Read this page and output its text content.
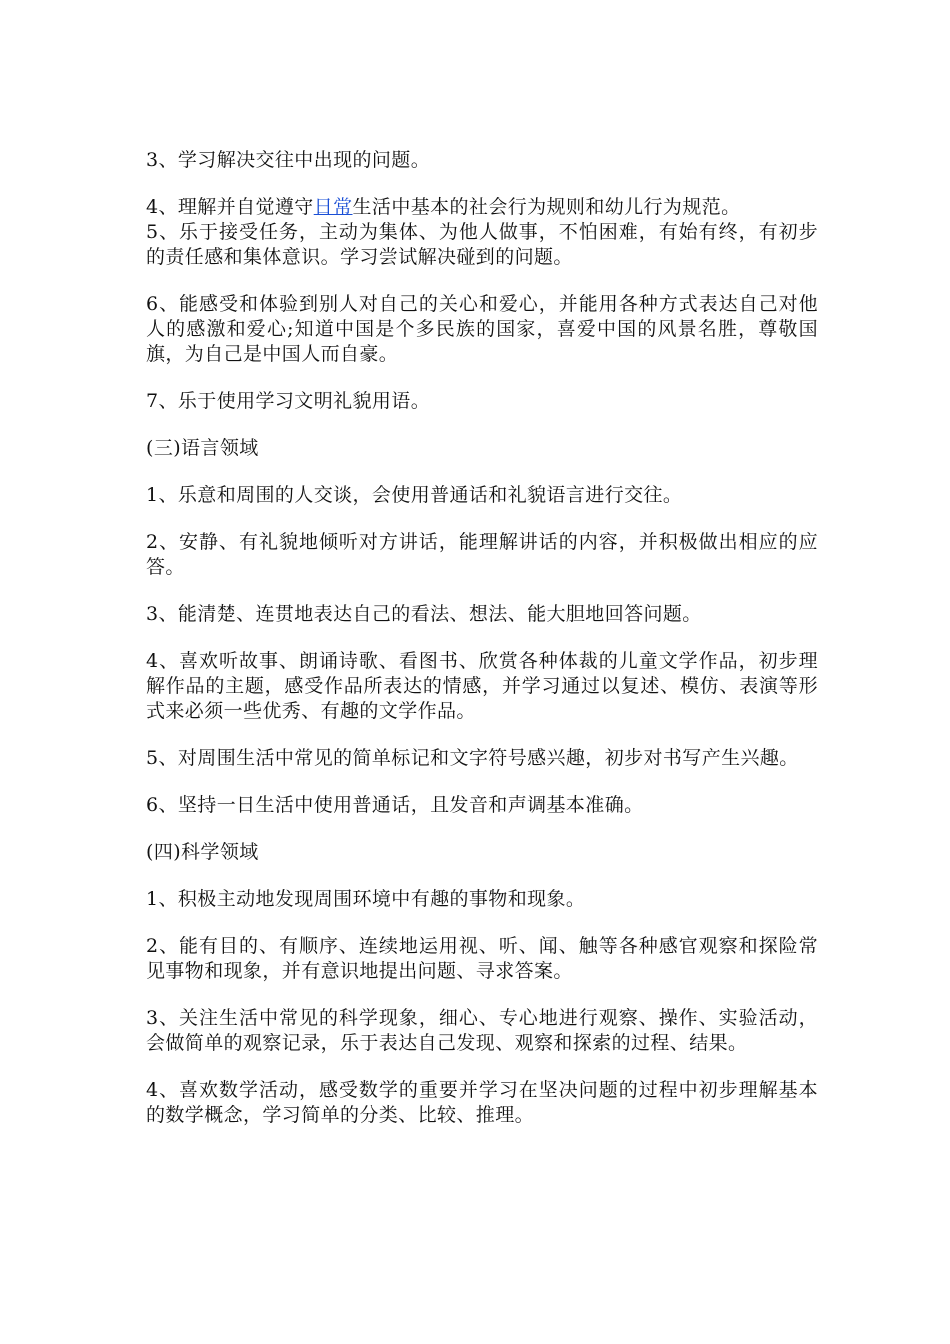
3、学习解决交往中出现的问题。

4、理解并自觉遵守日常生活中基本的社会行为规则和幼儿行为规范。

5、乐于接受任务，主动为集体、为他人做事，不怕困难，有始有终，有初步的责任感和集体意识。学习尝试解决碰到的问题。

6、能感受和体验到别人对自己的关心和爱心，并能用各种方式表达自己对他人的感激和爱心;知道中国是个多民族的国家，喜爱中国的风景名胜，尊敬国旗，为自己是中国人而自豪。

7、乐于使用学习文明礼貌用语。

(三)语言领域

1、乐意和周围的人交谈，会使用普通话和礼貌语言进行交往。

2、安静、有礼貌地倾听对方讲话，能理解讲话的内容，并积极做出相应的应答。

3、能清楚、连贯地表达自己的看法、想法、能大胆地回答问题。

4、喜欢听故事、朗诵诗歌、看图书、欣赏各种体裁的儿童文学作品，初步理解作品的主题，感受作品所表达的情感，并学习通过以复述、模仿、表演等形式来必须一些优秀、有趣的文学作品。

5、对周围生活中常见的简单标记和文字符号感兴趣，初步对书写产生兴趣。

6、坚持一日生活中使用普通话，且发音和声调基本准确。

(四)科学领域

1、积极主动地发现周围环境中有趣的事物和现象。

2、能有目的、有顺序、连续地运用视、听、闻、触等各种感官观察和探险常见事物和现象，并有意识地提出问题、寻求答案。

3、关注生活中常见的科学现象，细心、专心地进行观察、操作、实验活动，会做简单的观察记录，乐于表达自己发现、观察和探索的过程、结果。

4、喜欢数学活动，感受数学的重要并学习在坚决问题的过程中初步理解基本的数学概念，学习简单的分类、比较、推理。
